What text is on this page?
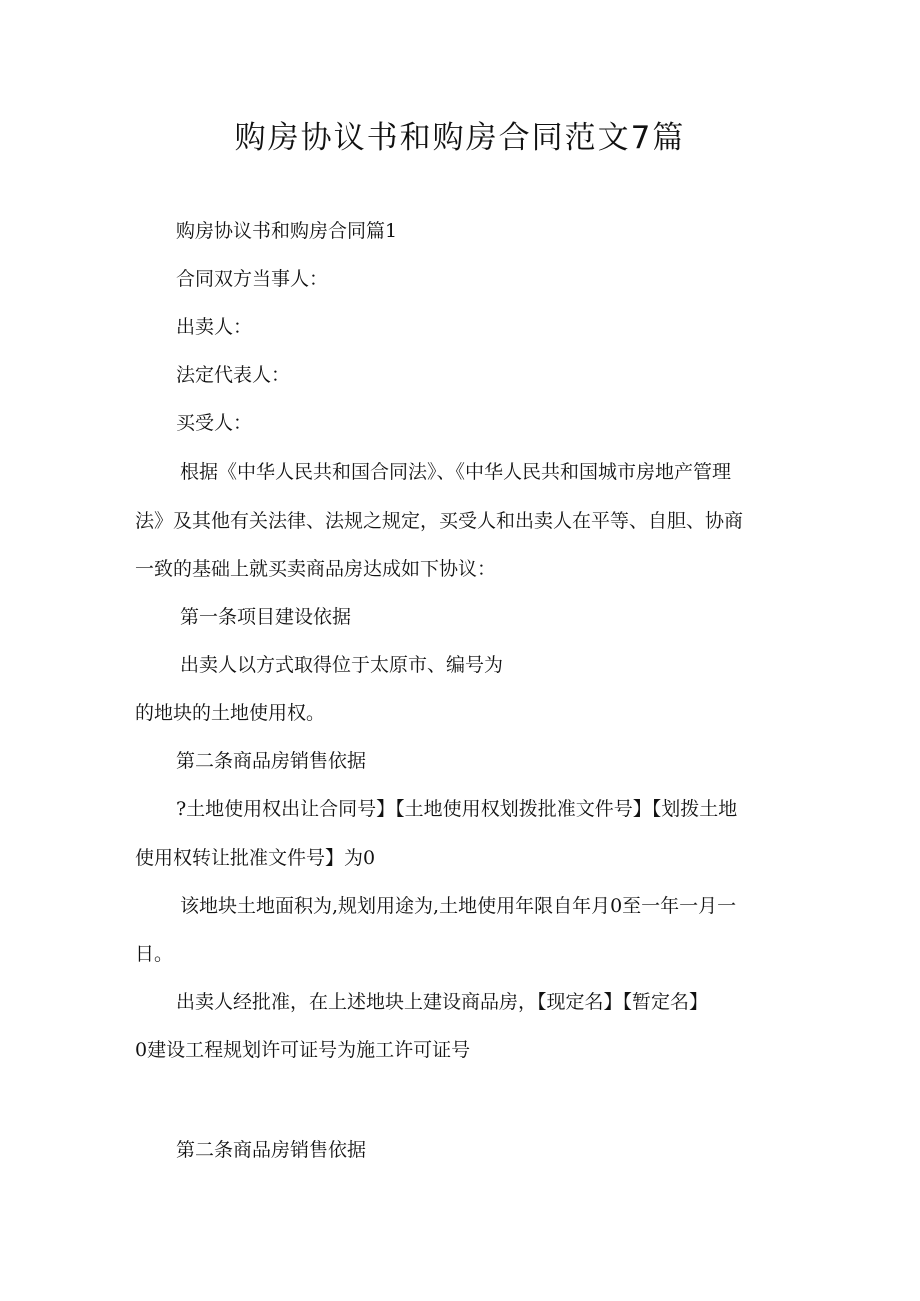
购房协议书和购房合同范文7篇

购房协议书和购房合同篇1

合同双方当事人：

出卖人：

法定代表人：

买受人：

根据《中华人民共和国合同法》、《中华人民共和国城市房地产管理

法》及其他有关法律、法规之规定，买受人和出卖人在平等、自胆、协商

一致的基础上就买卖商品房达成如下协议：

第一条项目建设依据

出卖人以方式取得位于太原市、编号为

的地块的土地使用权。

第二条商品房销售依据

?土地使用权出让合同号】【土地使用权划拨批准文件号】【划拨土地

使用权转让批准文件号】为0

该地块土地面积为,规划用途为,土地使用年限自年月0至一年一月一

日。

出卖人经批准，在上述地块上建设商品房，【现定名】【暂定名】

0建设工程规划许可证号为施工许可证号

第二条商品房销售依据
